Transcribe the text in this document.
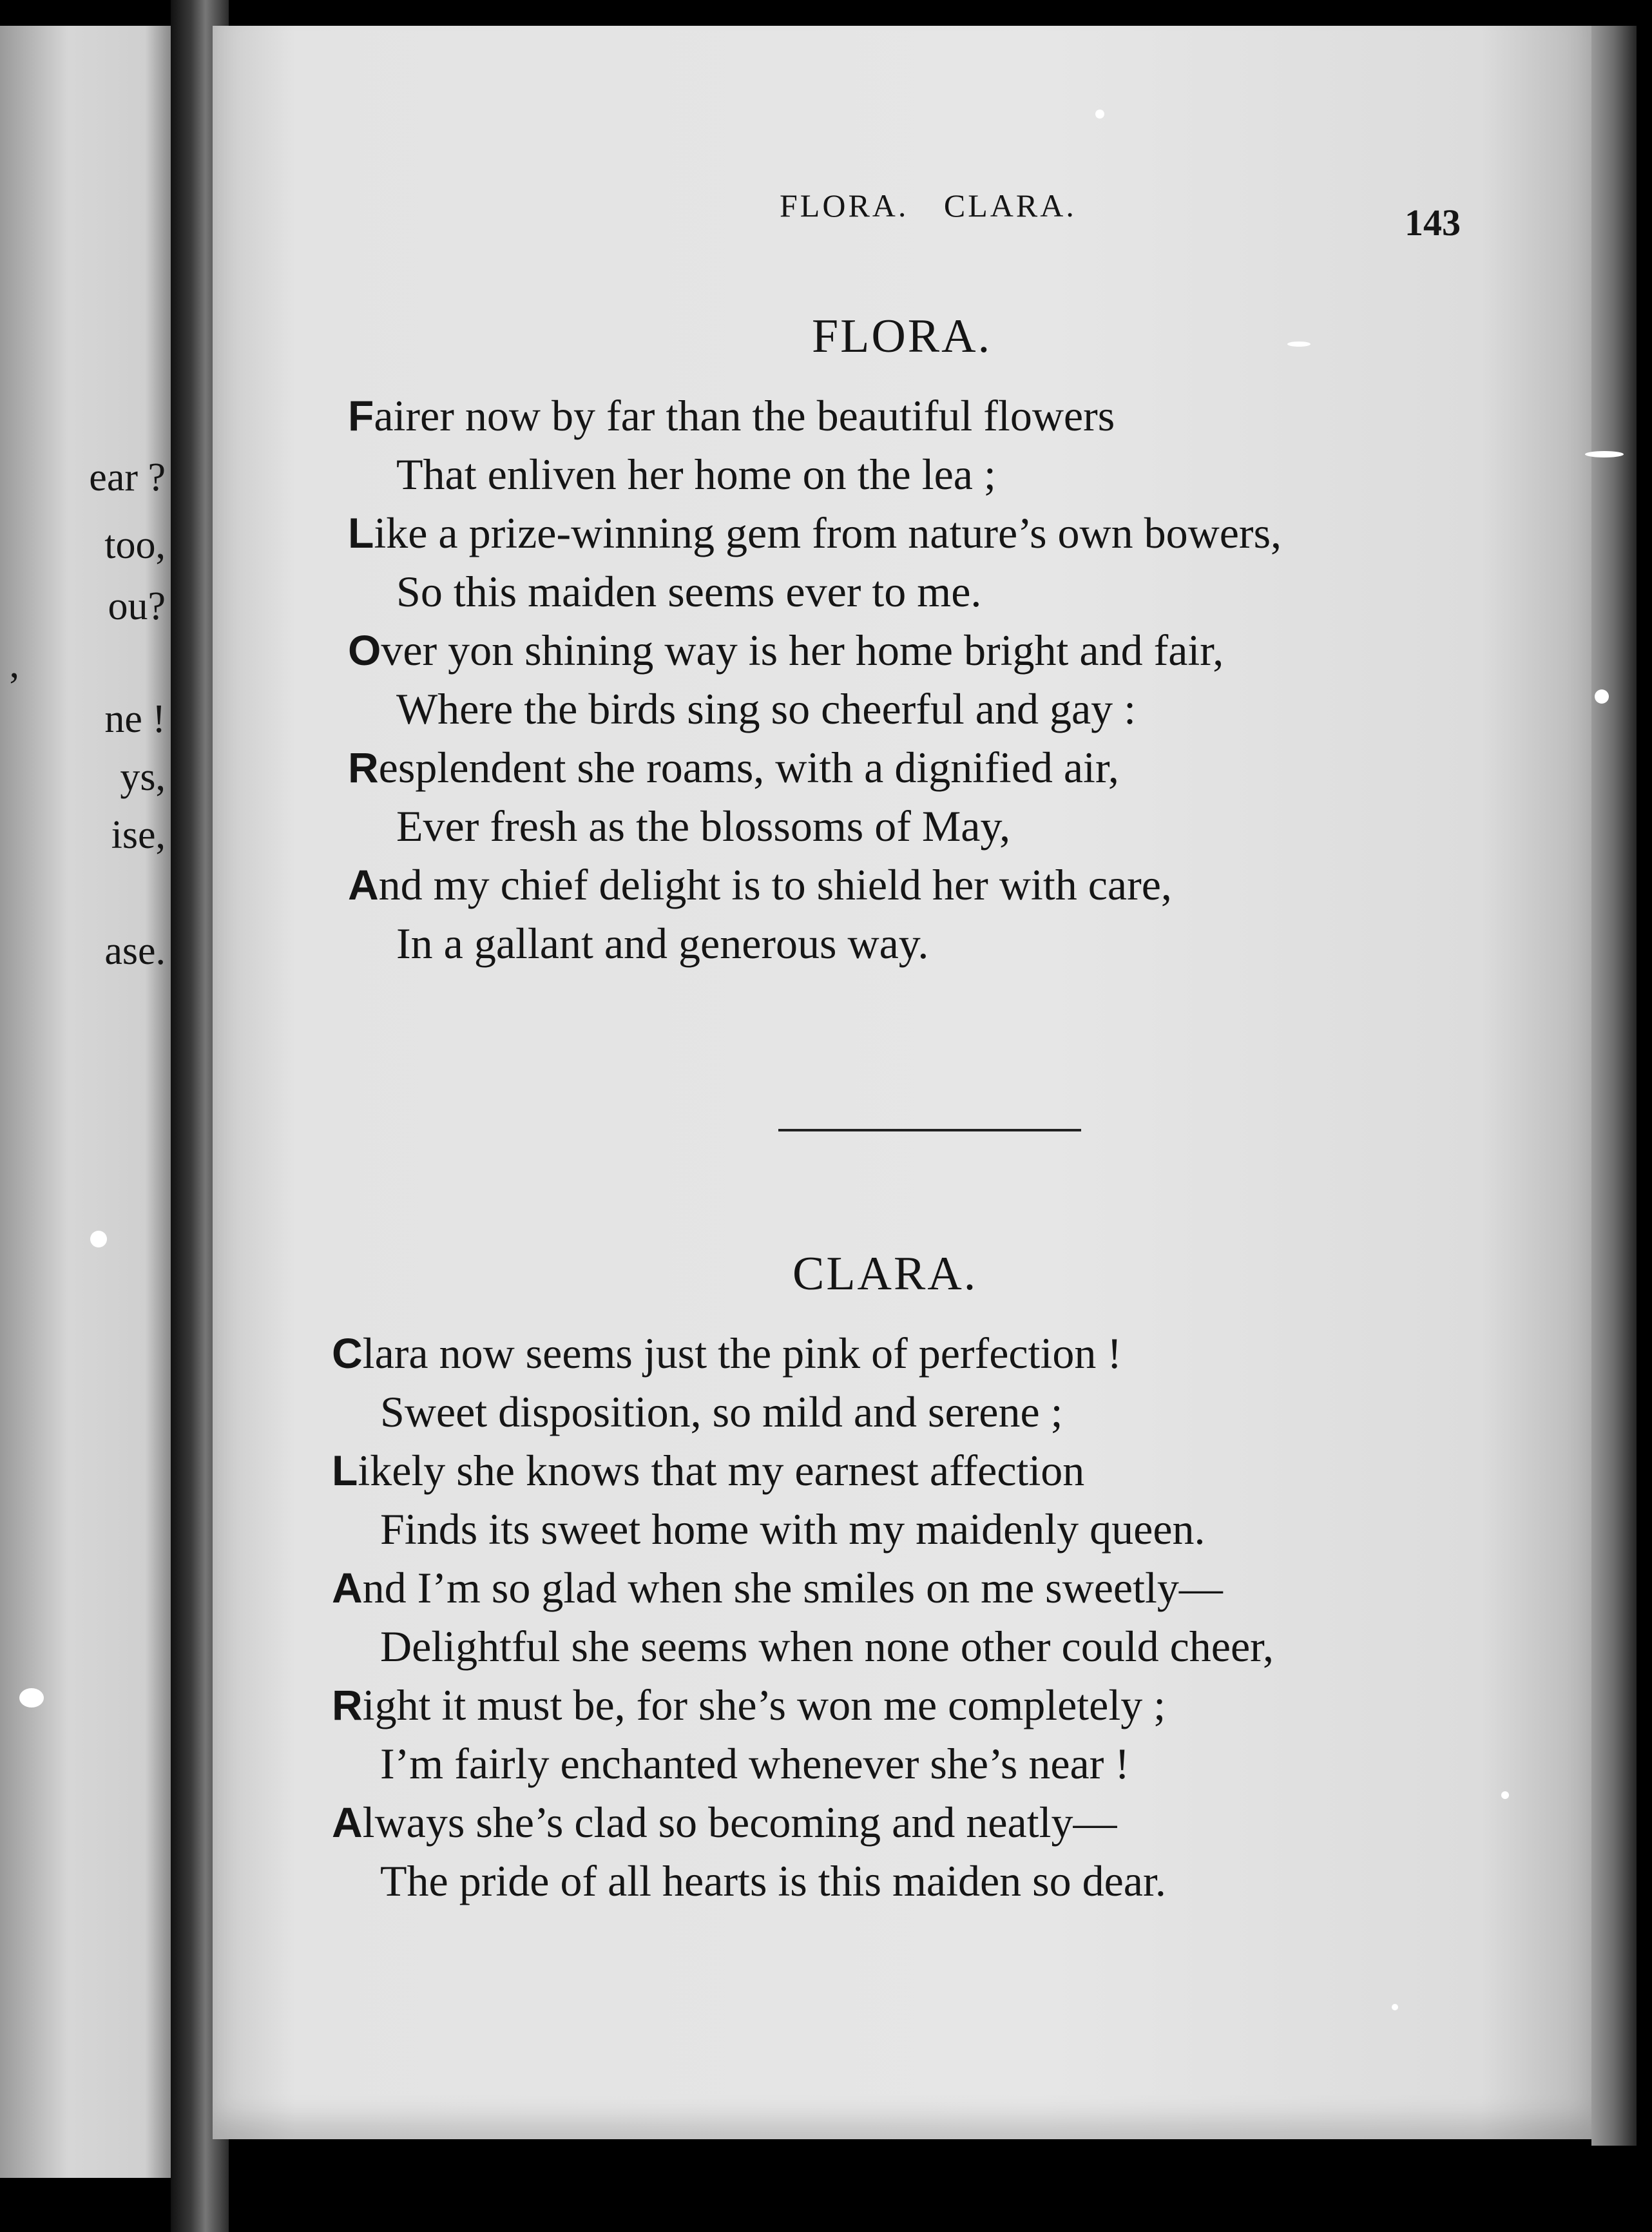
ear ?
too,
ou?
,
ne !
ys,
ise,
ase.
FLORA. CLARA.	143
FLORA.
Fairer now by far than the beautiful flowers
That enliven her home on the lea ;
Like a prize-winning gem from nature’s own bowers,
So this maiden seems ever to me.
Over yon shining way is her home bright and fair,
Where the birds sing so cheerful and gay :
Resplendent she roams, with a dignified air,
Ever fresh as the blossoms of May,
And my chief delight is to shield her with care,
In a gallant and generous way.
CLARA.
Clara now seems just the pink of perfection !
Sweet disposition, so mild and serene ;
Likely she knows that my earnest affection
Finds its sweet home with my maidenly queen.
And I’m so glad when she smiles on me sweetly—
Delightful she seems when none other could cheer,
Right it must be, for she’s won me completely ;
I’m fairly enchanted whenever she’s near !
Always she’s clad so becoming and neatly—
The pride of all hearts is this maiden so dear.
